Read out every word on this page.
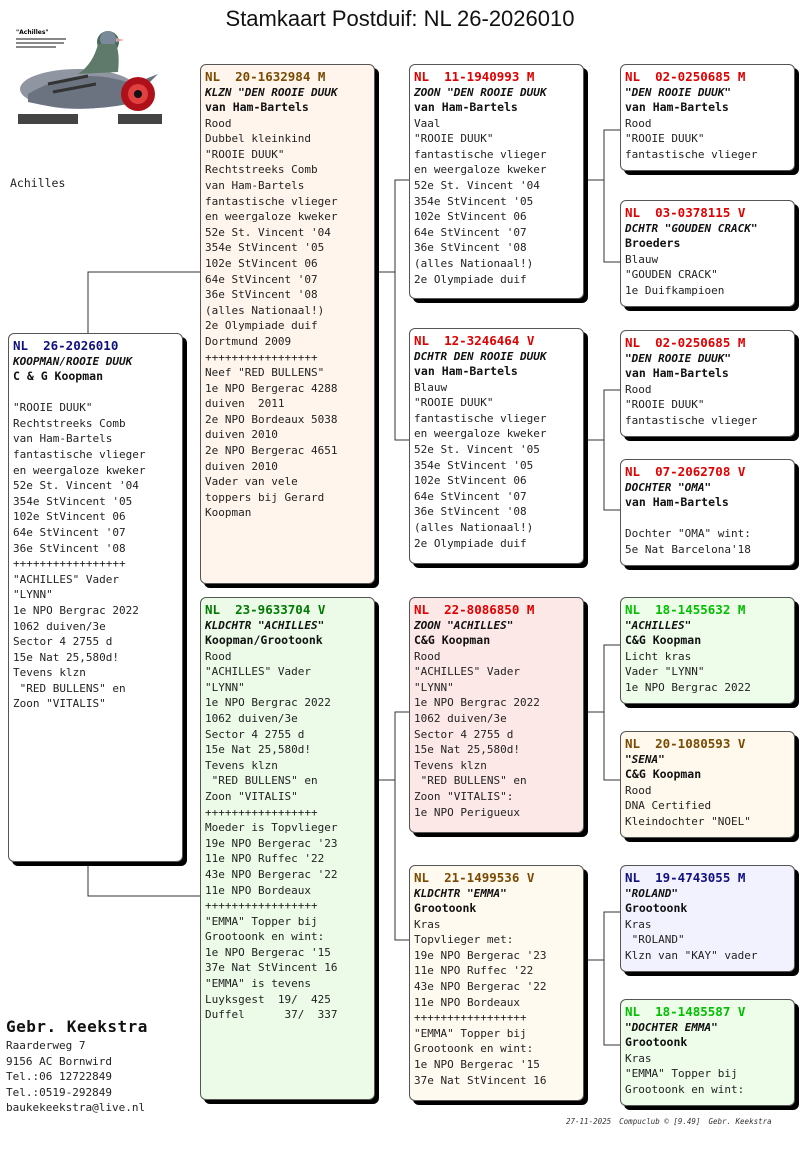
Stamkaart Postduif: NL 26-2026010
"Achilles"
Achilles
NL  26-2026010
KOOPMAN/ROOIE DUUK
C & G Koopman

"ROOIE DUUK"
Rechtstreeks Comb
van Ham-Bartels
fantastische vlieger
en weergaloze kweker
52e St. Vincent '04
354e StVincent '05
102e StVincent 06
64e StVincent '07
36e StVincent '08
+++++++++++++++++
"ACHILLES" Vader
"LYNN"
1e NPO Bergrac 2022
1062 duiven/3e
Sector 4 2755 d
15e Nat 25,580d!
Tevens klzn
"RED BULLENS" en
Zoon "VITALIS"
NL  20-1632984 M
KLZN "DEN ROOIE DUUK
van Ham-Bartels
Rood
Dubbel kleinkind
"ROOIE DUUK"
Rechtstreeks Comb
van Ham-Bartels
fantastische vlieger
en weergaloze kweker
52e St. Vincent '04
354e StVincent '05
102e StVincent 06
64e StVincent '07
36e StVincent '08
(alles Nationaal!)
2e Olympiade duif
Dortmund 2009
+++++++++++++++++
Neef "RED BULLENS"
1e NPO Bergerac 4288
duiven  2011
2e NPO Bordeaux 5038
duiven 2010
2e NPO Bergerac 4651
duiven 2010
Vader van vele
toppers bij Gerard
Koopman
NL  23-9633704 V
KLDCHTR "ACHILLES"
Koopman/Grootoonk
Rood
"ACHILLES" Vader
"LYNN"
1e NPO Bergrac 2022
1062 duiven/3e
Sector 4 2755 d
15e Nat 25,580d!
Tevens klzn
"RED BULLENS" en
Zoon "VITALIS"
+++++++++++++++++
Moeder is Topvlieger
19e NPO Bergerac '23
11e NPO Ruffec '22
43e NPO Bergerac '22
11e NPO Bordeaux
+++++++++++++++++
"EMMA" Topper bij
Grootoonk en wint:
1e NPO Bergerac '15
37e Nat StVincent 16
"EMMA" is tevens
Luyksgest  19/  425
Duffel      37/  337
NL  11-1940993 M
ZOON "DEN ROOIE DUUK
van Ham-Bartels
Vaal
"ROOIE DUUK"
fantastische vlieger
en weergaloze kweker
52e St. Vincent '04
354e StVincent '05
102e StVincent 06
64e StVincent '07
36e StVincent '08
(alles Nationaal!)
2e Olympiade duif
NL  12-3246464 V
DCHTR DEN ROOIE DUUK
van Ham-Bartels
Blauw
"ROOIE DUUK"
fantastische vlieger
en weergaloze kweker
52e St. Vincent '05
354e StVincent '05
102e StVincent 06
64e StVincent '07
36e StVincent '08
(alles Nationaal!)
2e Olympiade duif
NL  22-8086850 M
ZOON "ACHILLES"
C&G Koopman
Rood
"ACHILLES" Vader
"LYNN"
1e NPO Bergrac 2022
1062 duiven/3e
Sector 4 2755 d
15e Nat 25,580d!
Tevens klzn
"RED BULLENS" en
Zoon "VITALIS":
1e NPO Perigueux
NL  21-1499536 V
KLDCHTR "EMMA"
Grootoonk
Kras
Topvlieger met:
19e NPO Bergerac '23
11e NPO Ruffec '22
43e NPO Bergerac '22
11e NPO Bordeaux
+++++++++++++++++
"EMMA" Topper bij
Grootoonk en wint:
1e NPO Bergerac '15
37e Nat StVincent 16
NL  02-0250685 M
"DEN ROOIE DUUK"
van Ham-Bartels
Rood
"ROOIE DUUK"
fantastische vlieger
NL  03-0378115 V
DCHTR "GOUDEN CRACK"
Broeders
Blauw
"GOUDEN CRACK"
1e Duifkampioen
NL  02-0250685 M
"DEN ROOIE DUUK"
van Ham-Bartels
Rood
"ROOIE DUUK"
fantastische vlieger
NL  07-2062708 V
DOCHTER "OMA"
van Ham-Bartels

Dochter "OMA" wint:
5e Nat Barcelona'18
NL  18-1455632 M
"ACHILLES"
C&G Koopman
Licht kras
Vader "LYNN"
1e NPO Bergrac 2022
NL  20-1080593 V
"SENA"
C&G Koopman
Rood
DNA Certified
Kleindochter "NOEL"
NL  19-4743055 M
"ROLAND"
Grootoonk
Kras
"ROLAND"
Klzn van "KAY" vader
NL  18-1485587 V
"DOCHTER EMMA"
Grootoonk
Kras
"EMMA" Topper bij
Grootoonk en wint:
Gebr. Keekstra
Raarderweg 7
9156 AC Bornwird
Tel.:06 12722849
Tel.:0519-292849
baukekeekstra@live.nl
27-11-2025 Compuclub © [9.49] Gebr. Keekstra
